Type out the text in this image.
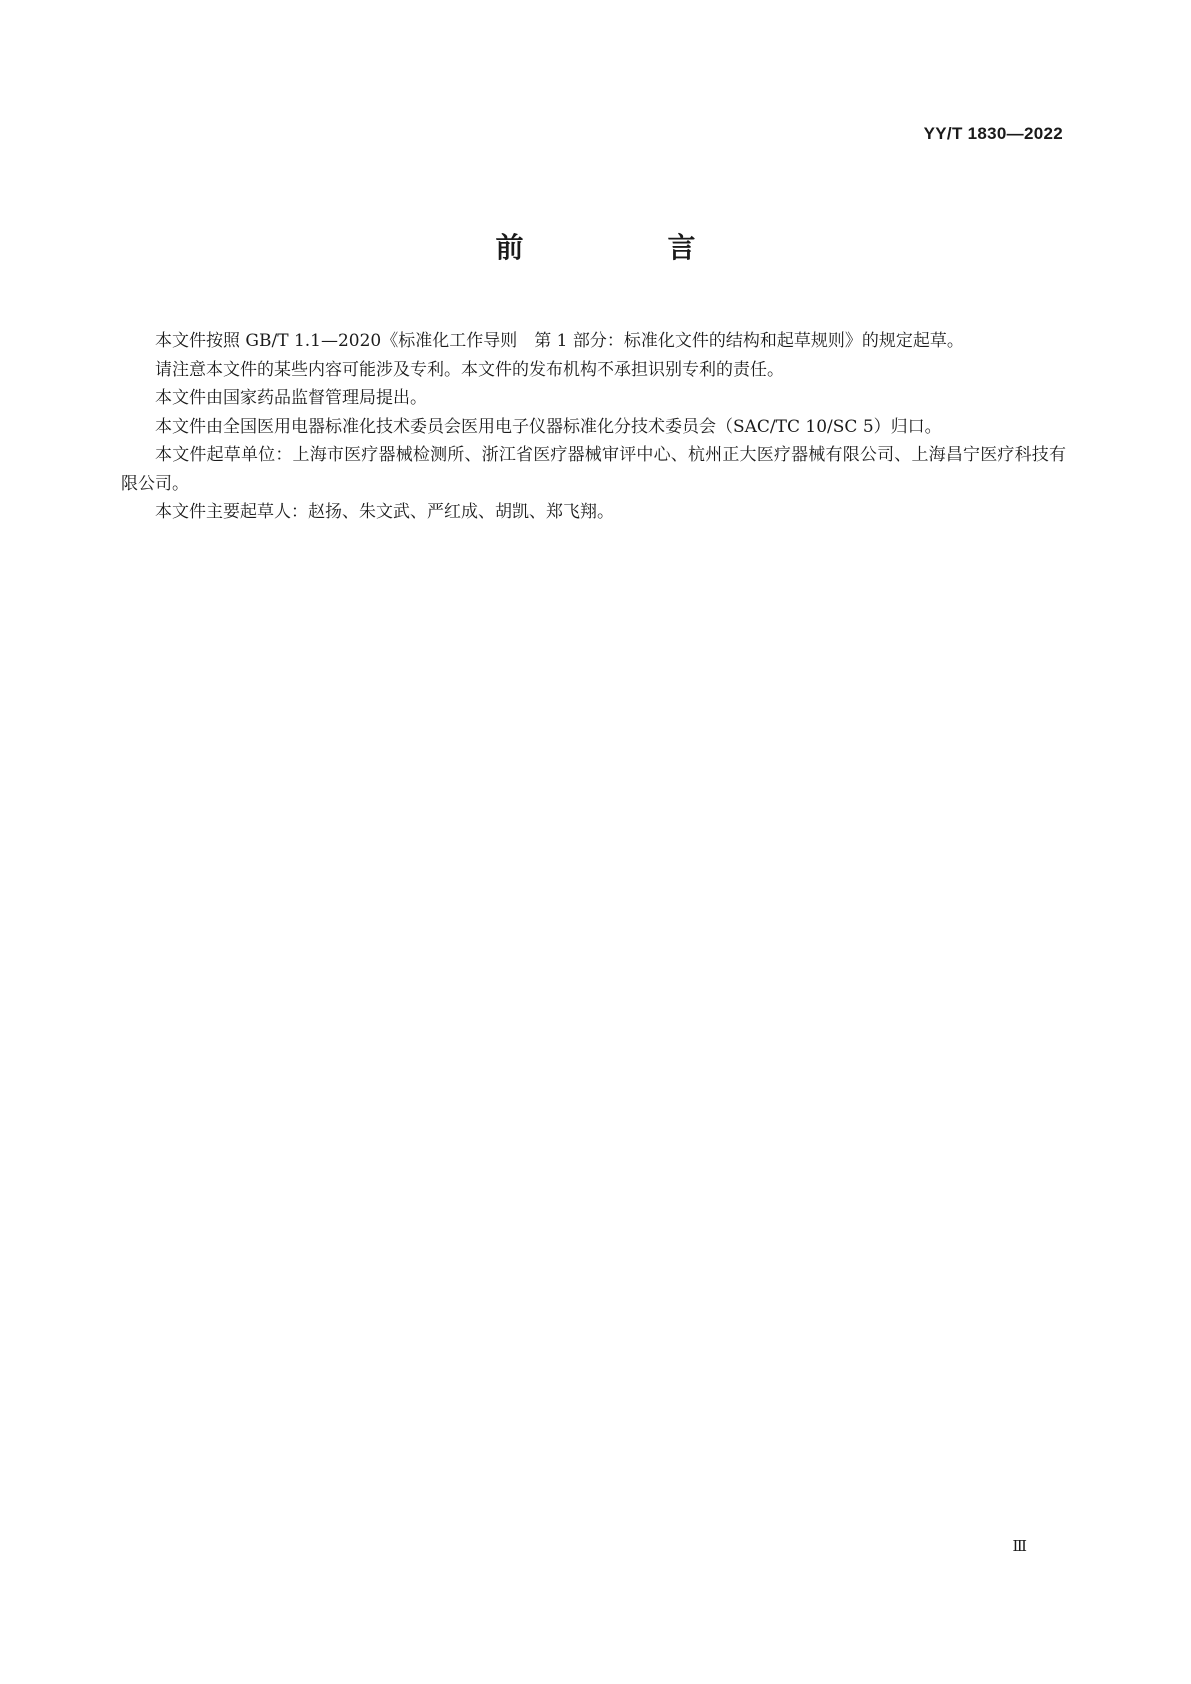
YY/T 1830—2022
前　言

本文件按照 GB/T 1.1—2020《标准化工作导则　第 1 部分：标准化文件的结构和起草规则》的规定起草。

请注意本文件的某些内容可能涉及专利。本文件的发布机构不承担识别专利的责任。

本文件由国家药品监督管理局提出。

本文件由全国医用电器标准化技术委员会医用电子仪器标准化分技术委员会（SAC/TC 10/SC 5）归口。

本文件起草单位：上海市医疗器械检测所、浙江省医疗器械审评中心、杭州正大医疗器械有限公司、上海昌宁医疗科技有限公司。

本文件主要起草人：赵扬、朱文武、严红成、胡凯、郑飞翔。

Ⅲ
